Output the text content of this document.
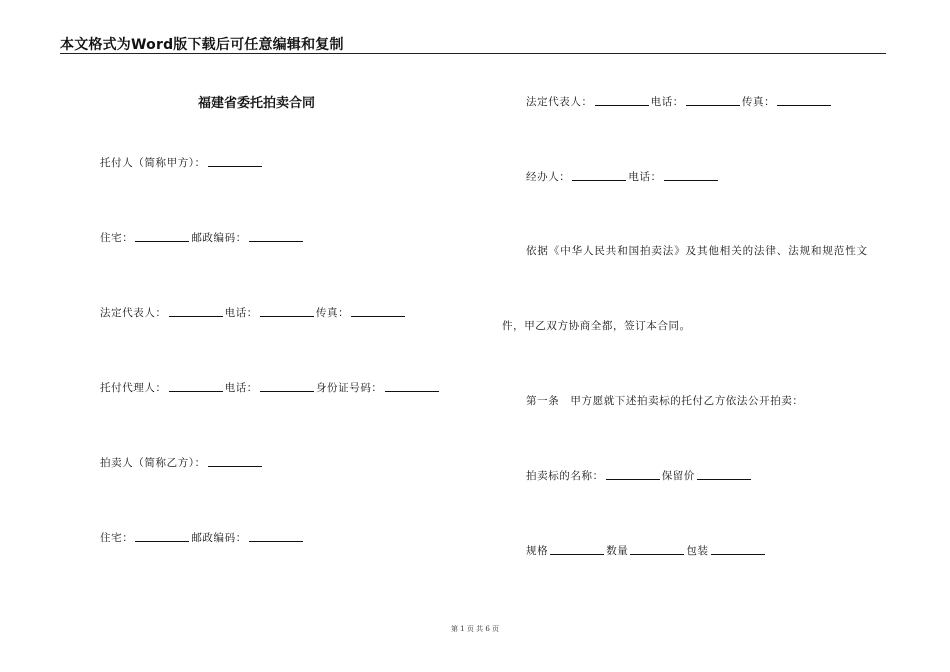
本文格式为Word版下载后可任意编辑和复制
福建省委托拍卖合同
托付人（简称甲方）：
住宅：	邮政编码：
法定代表人：	电话：	传真：
托付代理人：	电话：	身份证号码：
拍卖人（简称乙方）：
住宅：	邮政编码：
法定代表人：	电话：	传真：
经办人：	电话：
依据《中华人民共和国拍卖法》及其他相关的法律、法规和规范性文
件，甲乙双方协商全都，签订本合同。
第一条　甲方愿就下述拍卖标的托付乙方依法公开拍卖：
拍卖标的名称：	保留价
规格	数量	包装
第 1 页 共 6 页
